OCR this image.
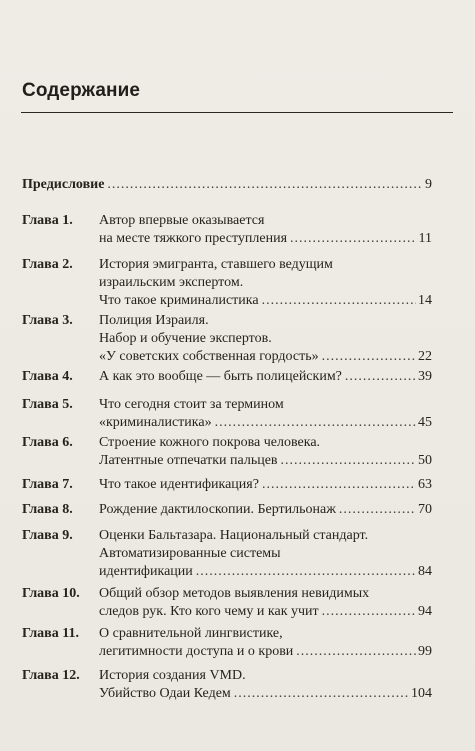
Содержание
Предисловие .....	9
Глава 1.	Автор впервые оказывается
на месте тяжкого преступления .....	11
Глава 2.	История эмигранта, ставшего ведущим
израильским экспертом.
Что такое криминалистика .....	14
Глава 3.	Полиция Израиля.
Набор и обучение экспертов.
«У советских собственная гордость» .....	22
Глава 4.	А как это вообще — быть полицейским? .....	39
Глава 5.	Что сегодня стоит за термином
«криминалистика» .....	45
Глава 6.	Строение кожного покрова человека.
Латентные отпечатки пальцев .....	50
Глава 7.	Что такое идентификация? .....	63
Глава 8.	Рождение дактилоскопии. Бертильонаж .....	70
Глава 9.	Оценки Бальтазара. Национальный стандарт.
Автоматизированные системы
идентификации .....	84
Глава 10.	Общий обзор методов выявления невидимых
следов рук. Кто кого чему и как учит .....	94
Глава 11.	О сравнительной лингвистике,
легитимности доступа и о крови .....	99
Глава 12.	История создания VMD.
Убийство Одаи Кедем .....	104
